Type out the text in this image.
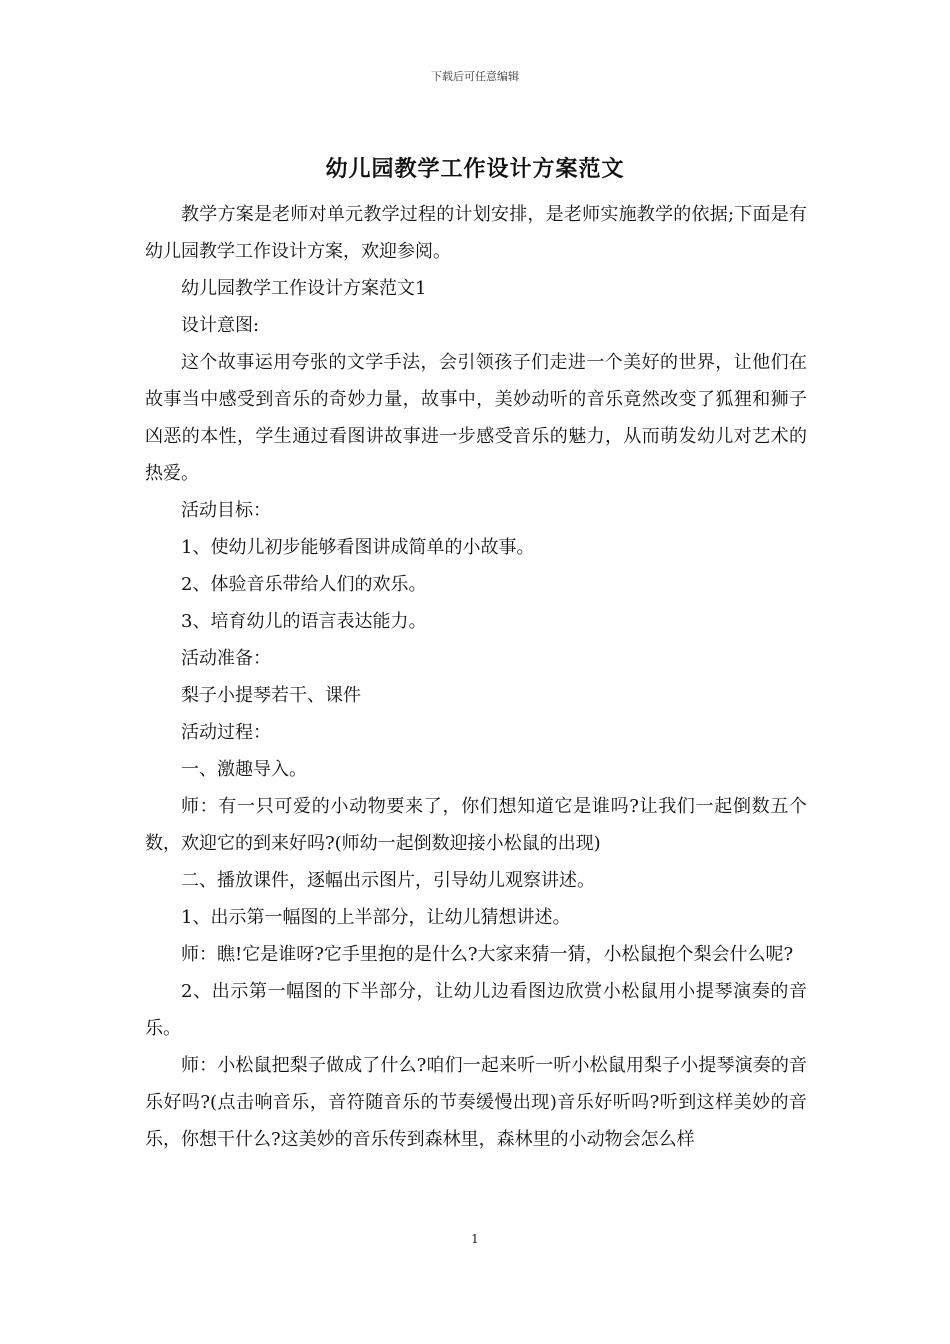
下载后可任意编辑
幼儿园教学工作设计方案范文

教学方案是老师对单元教学过程的计划安排，是老师实施教学的依据;下面是有幼儿园教学工作设计方案，欢迎参阅。

幼儿园教学工作设计方案范文1

设计意图:

这个故事运用夸张的文学手法，会引领孩子们走进一个美好的世界，让他们在故事当中感受到音乐的奇妙力量，故事中，美妙动听的音乐竟然改变了狐狸和狮子凶恶的本性，学生通过看图讲故事进一步感受音乐的魅力，从而萌发幼儿对艺术的热爱。

活动目标：

1、使幼儿初步能够看图讲成简单的小故事。

2、体验音乐带给人们的欢乐。

3、培育幼儿的语言表达能力。

活动准备：

梨子小提琴若干、课件

活动过程：

一、激趣导入。

师：有一只可爱的小动物要来了，你们想知道它是谁吗?让我们一起倒数五个数，欢迎它的到来好吗?(师幼一起倒数迎接小松鼠的出现)

二、播放课件，逐幅出示图片，引导幼儿观察讲述。

1、出示第一幅图的上半部分，让幼儿猜想讲述。

师：瞧!它是谁呀?它手里抱的是什么?大家来猜一猜，小松鼠抱个梨会什么呢?

2、出示第一幅图的下半部分，让幼儿边看图边欣赏小松鼠用小提琴演奏的音乐。

师：小松鼠把梨子做成了什么?咱们一起来听一听小松鼠用梨子小提琴演奏的音乐好吗?(点击响音乐，音符随音乐的节奏缓慢出现)音乐好听吗?听到这样美妙的音乐，你想干什么?这美妙的音乐传到森林里，森林里的小动物会怎么样

1
